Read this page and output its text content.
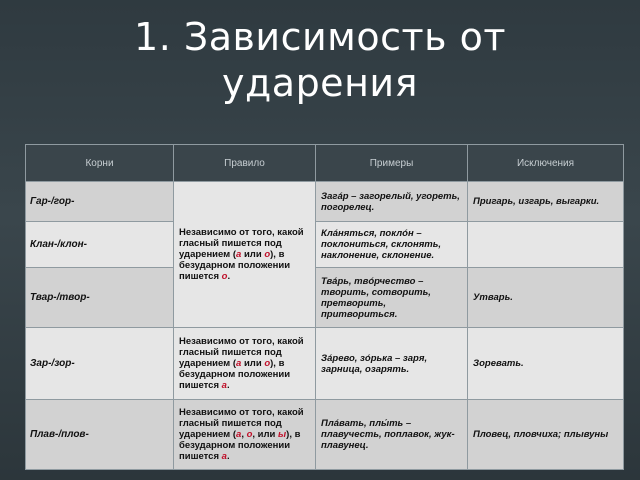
1. Зависимость от
ударения
Корни	Правило	Примеры	Исключения
Гар-/гор-	Независимо от того, какой гласный пишется под ударением (а или о), в безударном положении пишется о.	Загáр – загорелый, угореть, погорелец.	Пригарь, изгарь, выгарки.
Клан-/клон-		Клáняться, поклóн – поклониться, склонять, наклонение, склонение.	
Твар-/твор-		Твáрь, твóрчество – творить, сотворить, претворить, притвориться.	Утварь.
Зар-/зор-	Независимо от того, какой гласный пишется под ударением (а или о), в безударном положении пишется а.	Зáрево, зóрька – заря, зарница, озарять.	Зоревать.
Плав-/плов-	Независимо от того, какой гласный пишется под ударением (а, о, или ы), в безударном положении пишется а.	Плáвать, плы́ть – плавучесть, поплавок, жук-плавунец.	Пловец, пловчиха; плывуны
